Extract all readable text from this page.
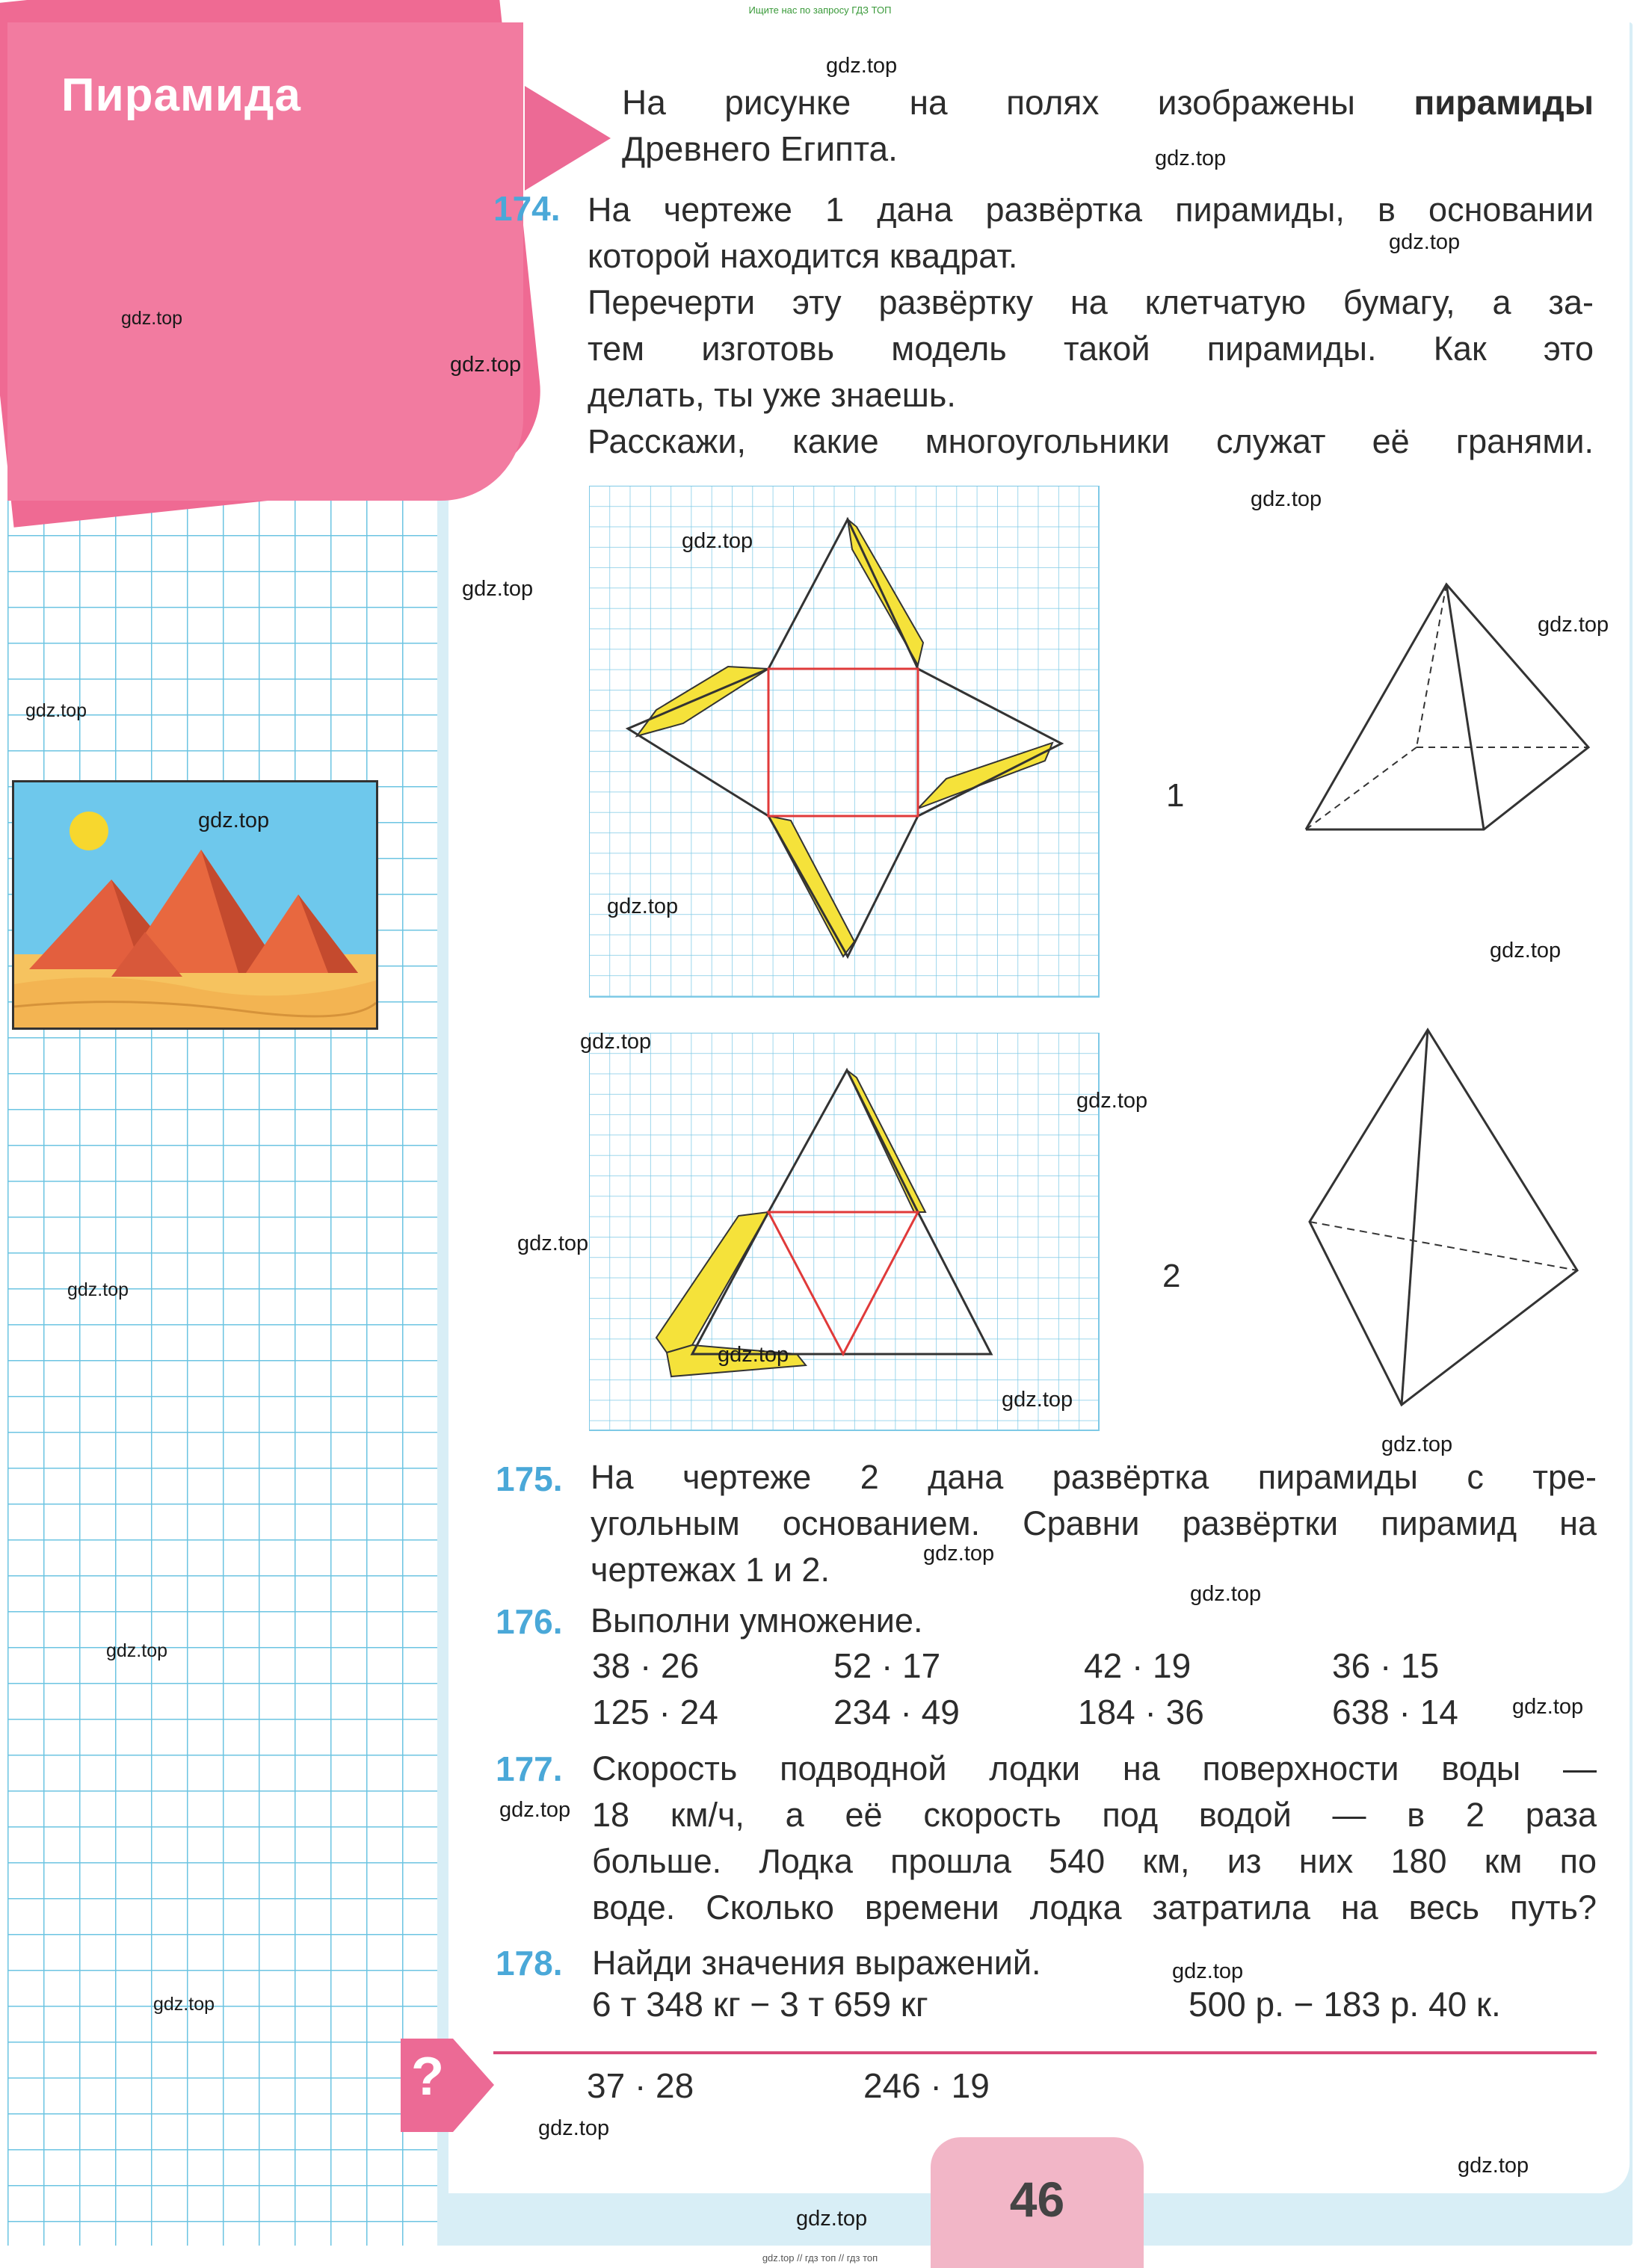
Пирамида
Ищите нас по запросу ГДЗ ТОП
gdz.top // гдз топ // гдз топ
На рисунке на полях изображены пирамиды
Древнего Египта.
174. На чертеже 1 дана развёртка пирамиды, в основании
которой находится квадрат.
Перечерти эту развёртку на клетчатую бумагу, а за-
тем изготовь модель такой пирамиды. Как это
делать, ты уже знаешь.
Расскажи, какие многоугольники служат её гранями.
1
2
175. На чертеже 2 дана развёртка пирамиды с тре-
угольным основанием. Сравни развёртки пирамид на
чертежах 1 и 2.
176. Выполни умножение.
38 · 26	52 · 17	42 · 19	36 · 15
125 · 24	234 · 49	184 · 36	638 · 14
177. Скорость подводной лодки на поверхности воды —
18 км/ч, а её скорость под водой — в 2 раза
больше. Лодка прошла 540 км, из них 180 км по
воде. Сколько времени лодка затратила на весь путь?
178. Найди значения выражений.
6 т 348 кг − 3 т 659 кг	500 р. − 183 р. 40 к.
?	37 · 28	246 · 19
46
gdz.top
gdz.top
gdz.top
gdz.top
gdz.top
gdz.top
gdz.top
gdz.top
gdz.top
gdz.top
gdz.top
gdz.top
gdz.top
gdz.top
gdz.top
gdz.top
gdz.top
gdz.top
gdz.top
gdz.top
gdz.top
gdz.top
gdz.top
gdz.top
gdz.top
gdz.top
gdz.top
gdz.top
gdz.top
gdz.top
